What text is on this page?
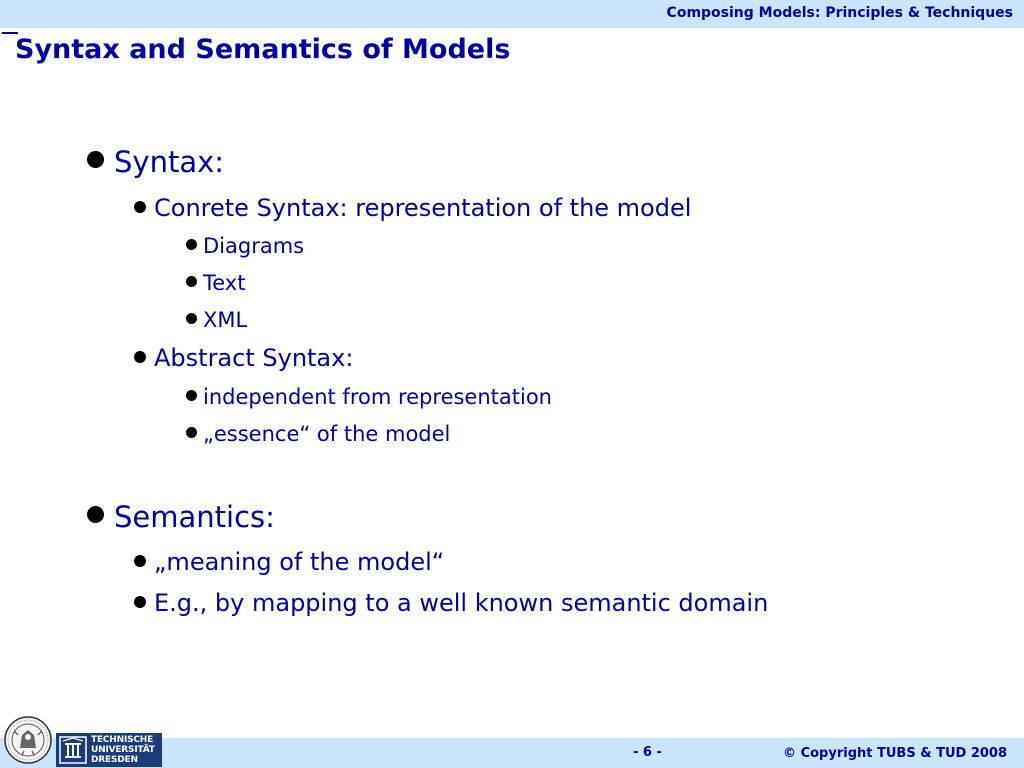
Composing Models: Principles & Techniques
Syntax and Semantics of Models
Syntax:
Conrete Syntax: representation of the model
Diagrams
Text
XML
Abstract Syntax:
independent from representation
„essence“ of the model
Semantics:
„meaning of the model“
E.g., by mapping to a well known semantic domain
TECHNISCHE
UNIVERSITÄT
DRESDEN	- 6 -	© Copyright TUBS & TUD 2008
